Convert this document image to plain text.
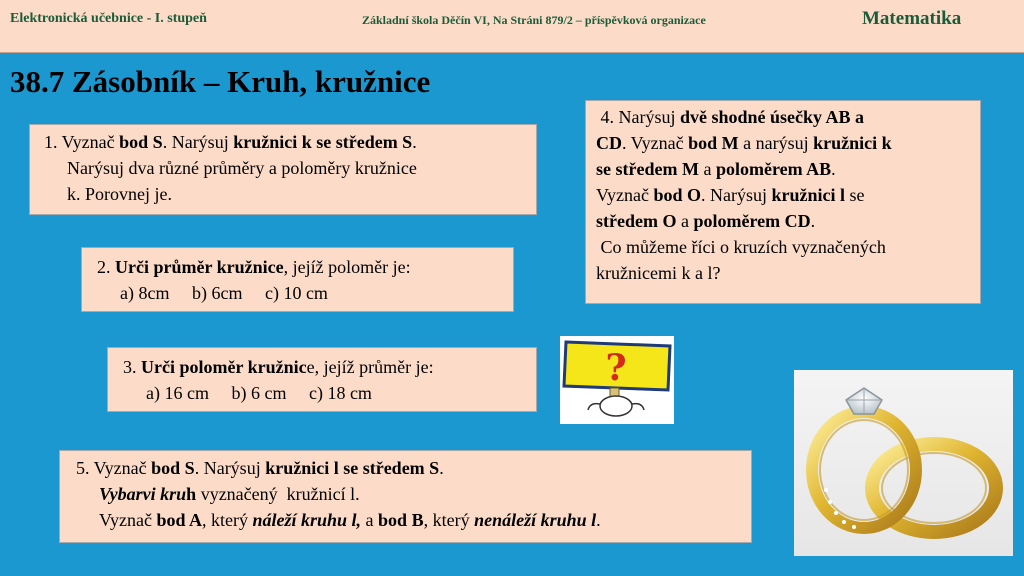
Elektronická učebnice - I. stupeň	Základní škola Děčín VI, Na Stráni 879/2 – příspěvková organizace	Matematika
38.7 Zásobník – Kruh, kružnice
1. Vyznač bod S. Narýsuj kružnici k se středem S.
Narýsuj dva různé průměry a poloměry kružnice
k. Porovnej je.
2. Urči průměr kružnice, jejíž poloměr je:
a) 8cm     b) 6cm     c) 10 cm
3. Urči poloměr kružnice, jejíž průměr je:
a) 16 cm     b) 6 cm     c) 18 cm
4. Narýsuj dvě shodné úsečky AB a
CD. Vyznač bod M a narýsuj kružnici k
se středem M a poloměrem AB.
Vyznač bod O. Narýsuj kružnici l se
středem O a poloměrem CD.
Co můžeme říci o kruzích vyznačených
kružnicemi k a l?
5. Vyznač bod S. Narýsuj kružnici l se středem S.
Vybarvi kruh vyznačený  kružnicí l.
Vyznač bod A, který náleží kruhu l, a bod B, který nenáleží kruhu l.
?
